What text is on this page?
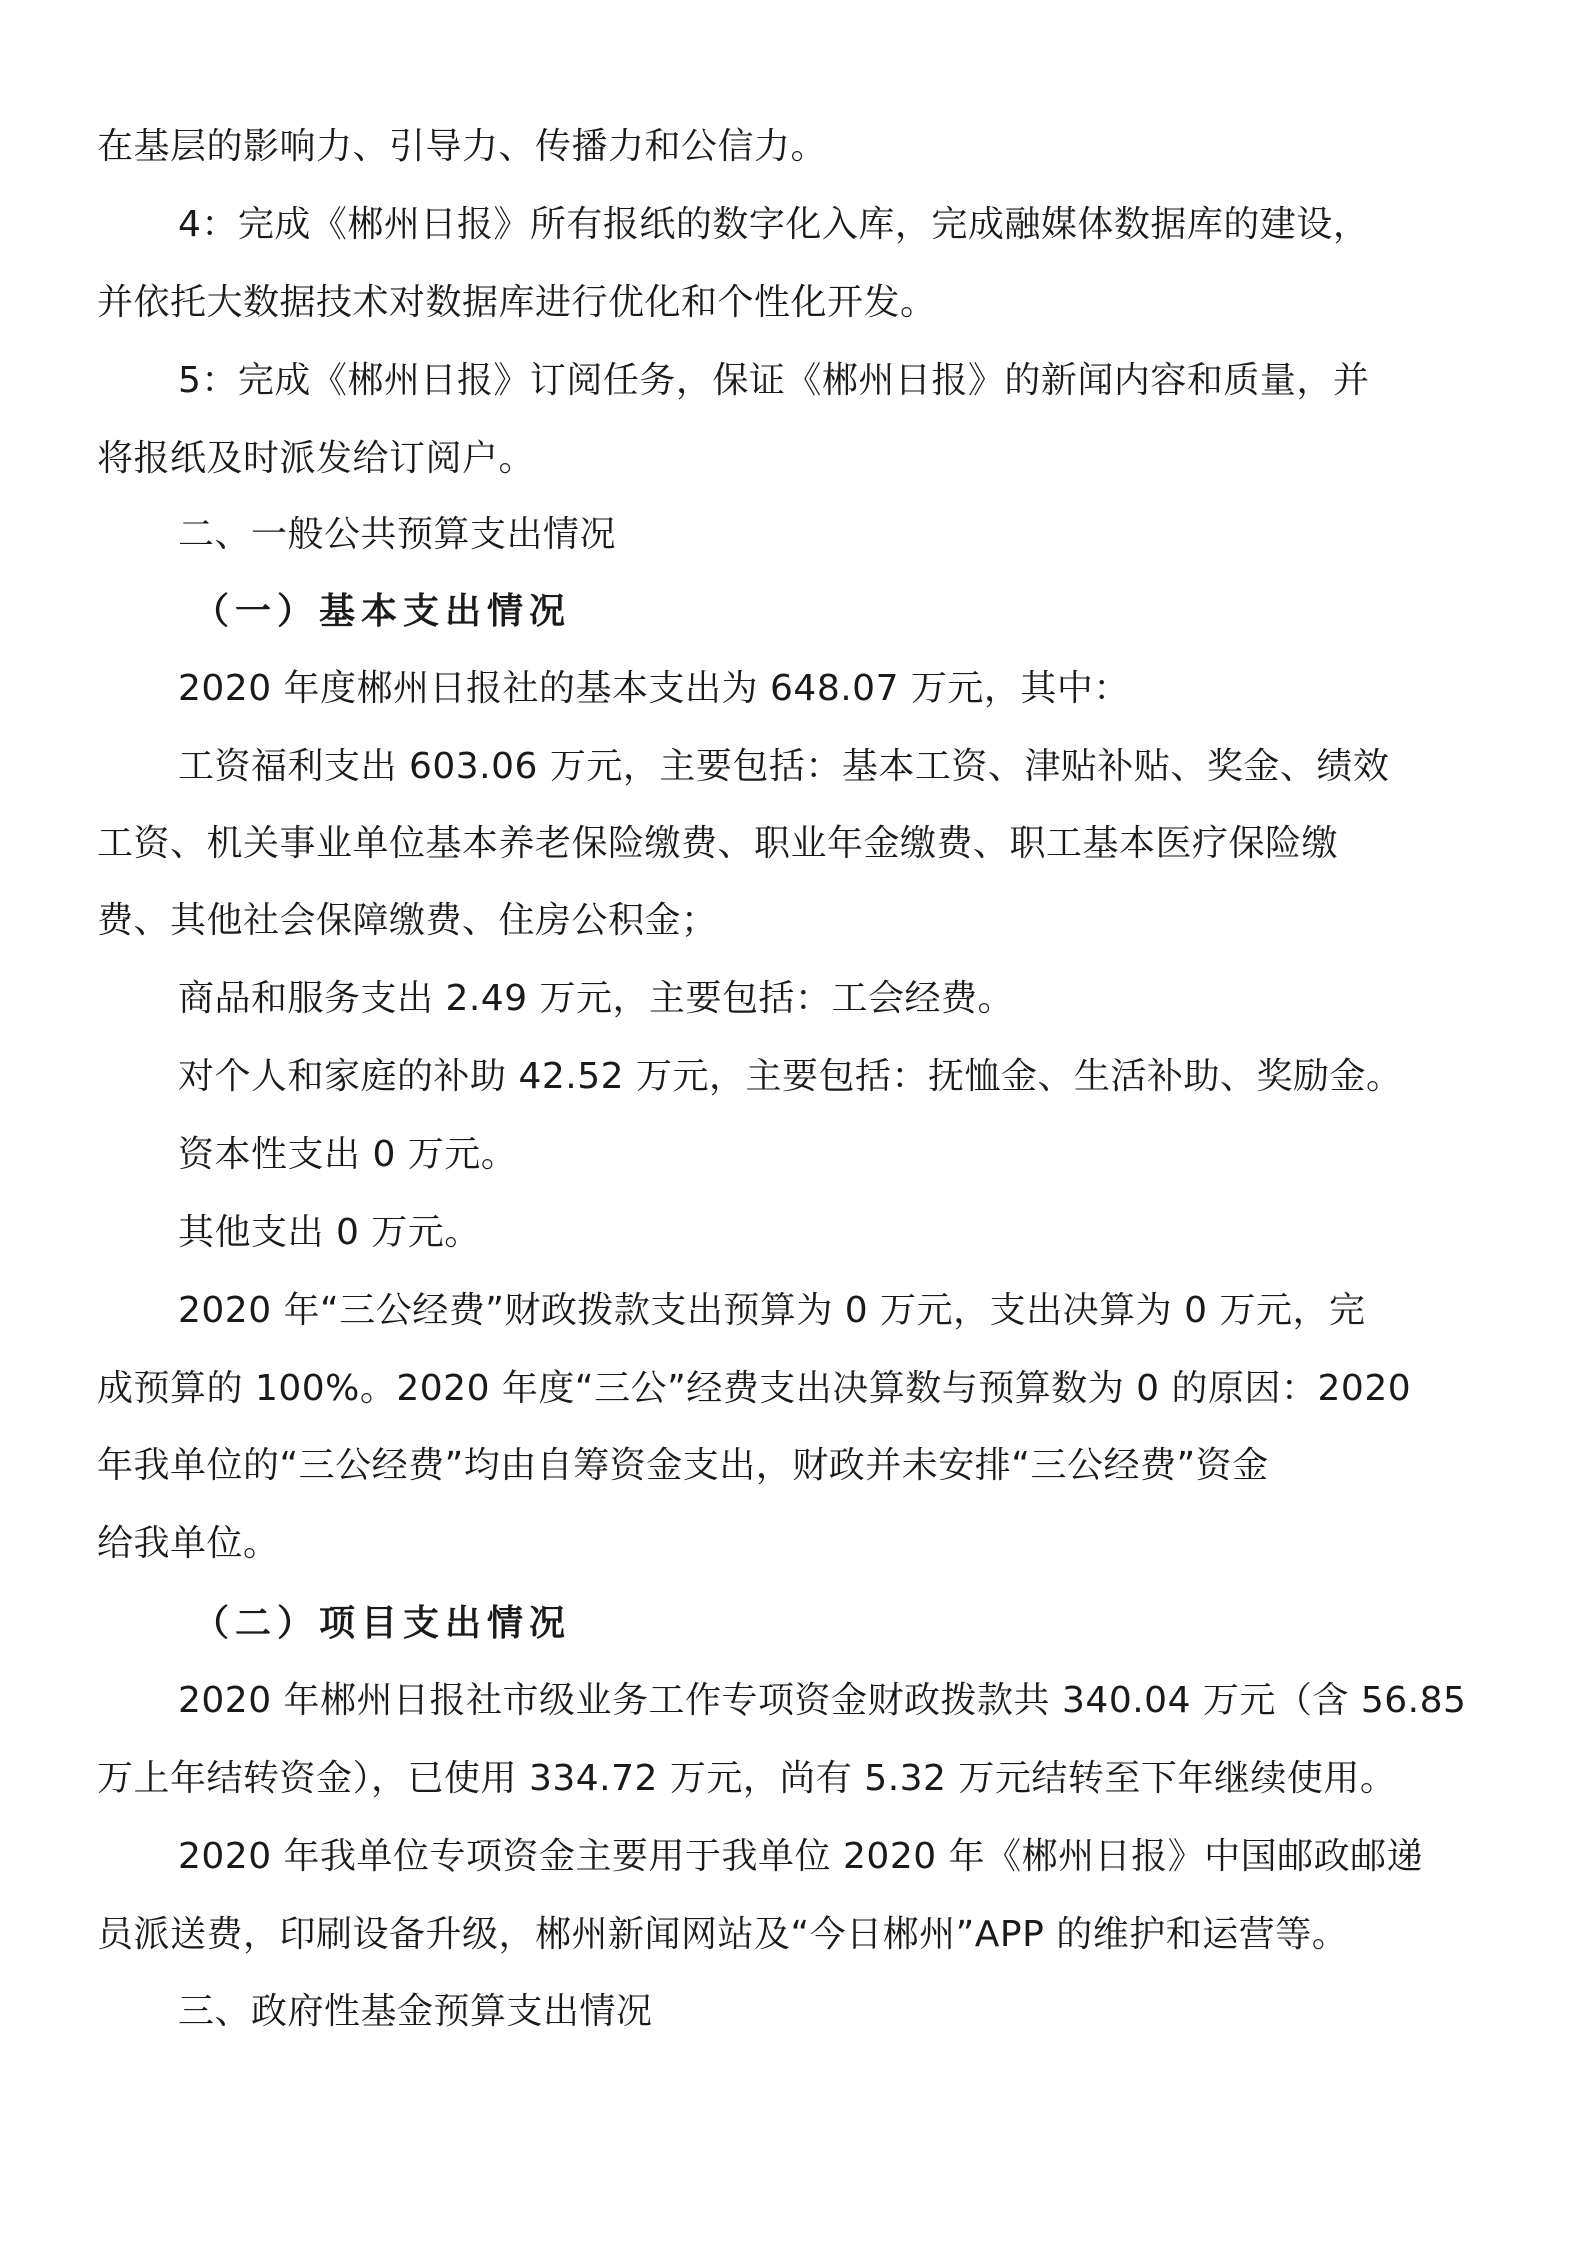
在基层的影响力、引导力、传播力和公信力。
4：完成《郴州日报》所有报纸的数字化入库，完成融媒体数据库的建设，
并依托大数据技术对数据库进行优化和个性化开发。
5：完成《郴州日报》订阅任务，保证《郴州日报》的新闻内容和质量，并
将报纸及时派发给订阅户。
二、一般公共预算支出情况
（一）基本支出情况
2020 年度郴州日报社的基本支出为 648.07 万元，其中：
工资福利支出 603.06 万元，主要包括：基本工资、津贴补贴、奖金、绩效
工资、机关事业单位基本养老保险缴费、职业年金缴费、职工基本医疗保险缴
费、其他社会保障缴费、住房公积金；
商品和服务支出 2.49 万元，主要包括：工会经费。
对个人和家庭的补助 42.52 万元，主要包括：抚恤金、生活补助、奖励金。
资本性支出 0 万元。
其他支出 0 万元。
2020 年“三公经费”财政拨款支出预算为 0 万元，支出决算为 0 万元，完
成预算的 100%。2020 年度“三公”经费支出决算数与预算数为 0 的原因：2020
年我单位的“三公经费”均由自筹资金支出，财政并未安排“三公经费”资金
给我单位。
（二）项目支出情况
2020 年郴州日报社市级业务工作专项资金财政拨款共 340.04 万元（含 56.85
万上年结转资金），已使用 334.72 万元，尚有 5.32 万元结转至下年继续使用。
2020 年我单位专项资金主要用于我单位 2020 年《郴州日报》中国邮政邮递
员派送费，印刷设备升级，郴州新闻网站及“今日郴州”APP 的维护和运营等。
三、政府性基金预算支出情况
